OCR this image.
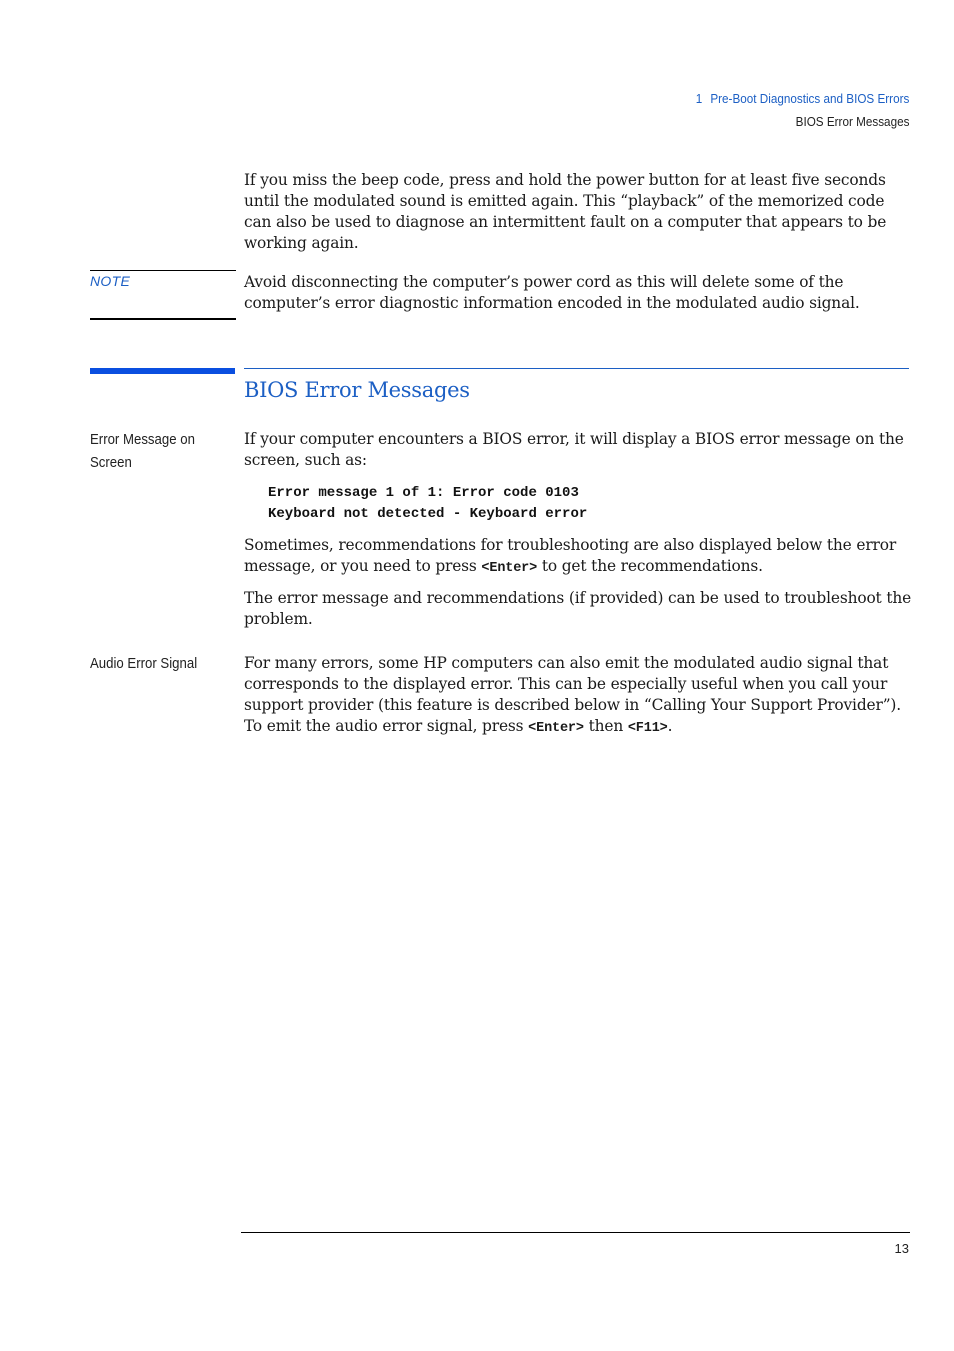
1 Pre-Boot Diagnostics and BIOS Errors
BIOS Error Messages

If you miss the beep code, press and hold the power button for at least five seconds until the modulated sound is emitted again. This “playback” of the memorized code can also be used to diagnose an intermittent fault on a computer that appears to be working again.

NOTE	Avoid disconnecting the computer’s power cord as this will delete some of the computer’s error diagnostic information encoded in the modulated audio signal.

BIOS Error Messages
Error Message on Screen

If your computer encounters a BIOS error, it will display a BIOS error message on the screen, such as:

Error message 1 of 1: Error code 0103
Keyboard not detected - Keyboard error

Sometimes, recommendations for troubleshooting are also displayed below the error message, or you need to press <Enter> to get the recommendations.

The error message and recommendations (if provided) can be used to troubleshoot the problem.

Audio Error Signal	For many errors, some HP computers can also emit the modulated audio signal that corresponds to the displayed error. This can be especially useful when you call your support provider (this feature is described below in “Calling Your Support Provider”). To emit the audio error signal, press <Enter> then <F11>.

13
